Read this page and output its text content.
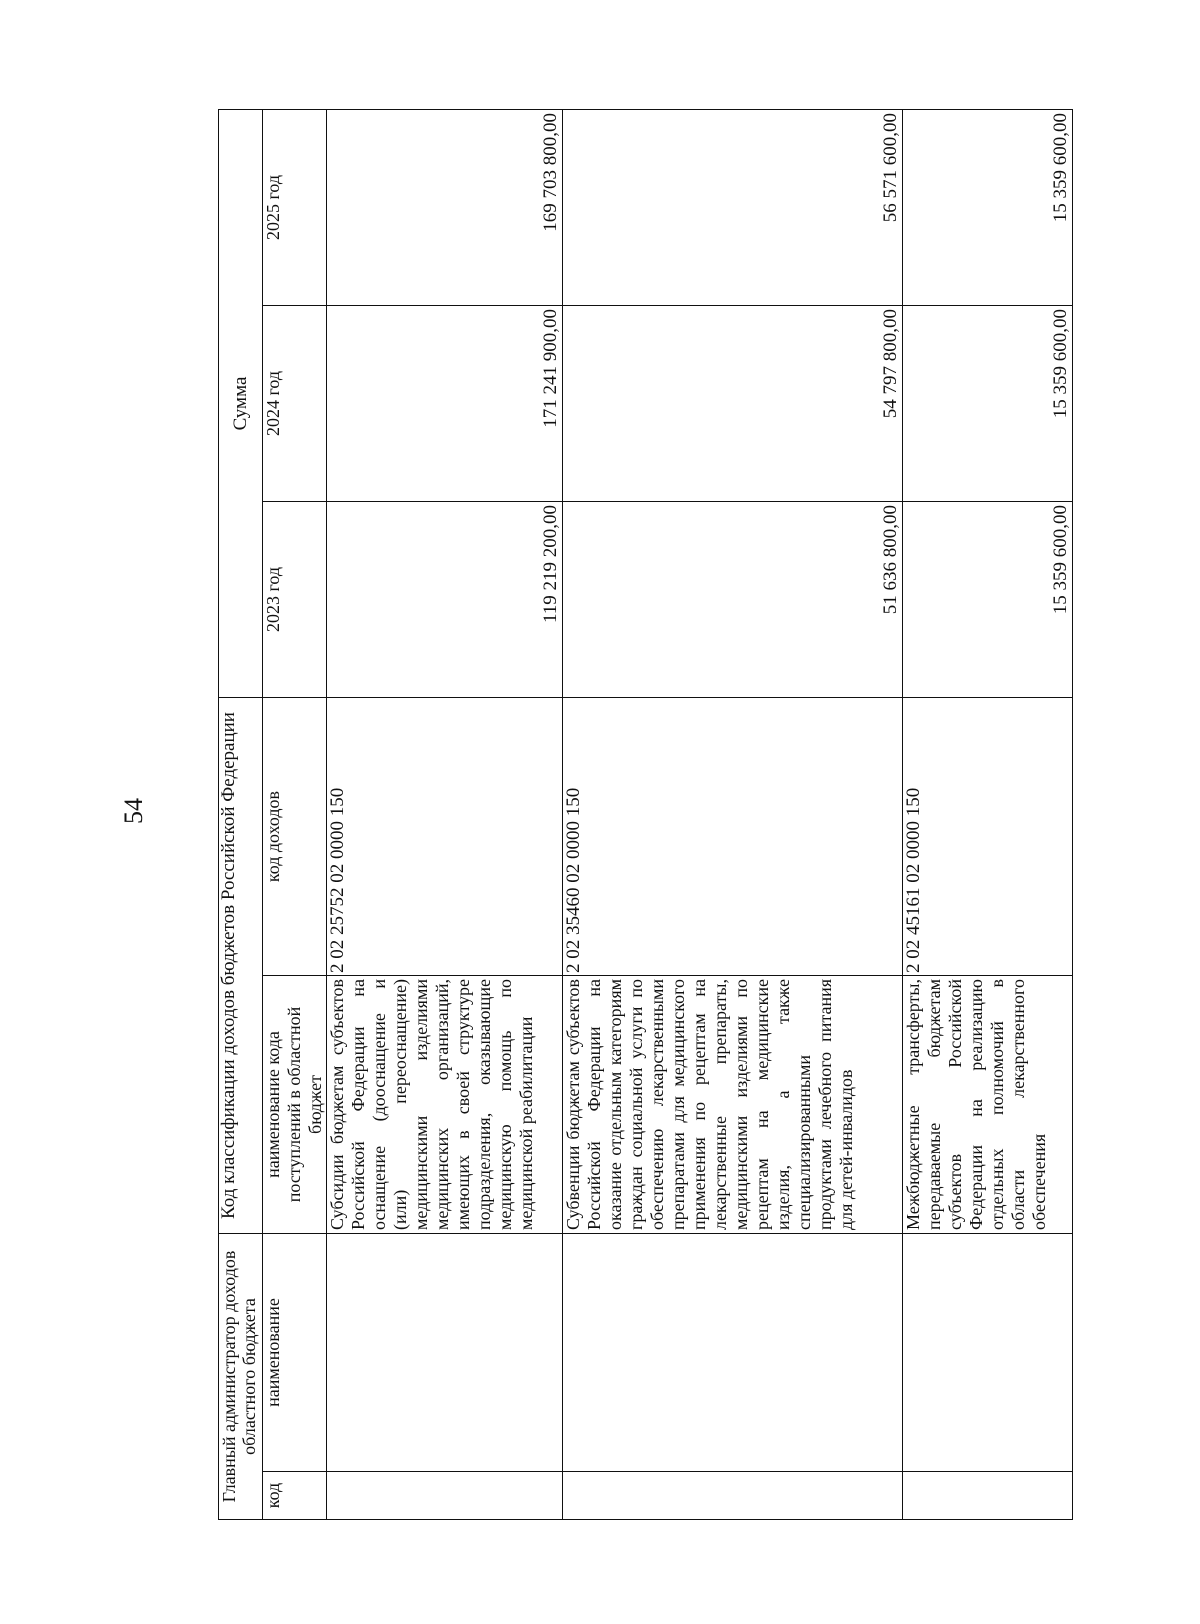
54
Главный администратор доходов областного бюджета		Код классификации доходов бюджетов Российской Федерации		Сумма		
код	наименование	наименование кода поступлений в областной бюджет	код доходов	2023 год	2024 год	2025 год
		Субсидии бюджетам субъектов Российской Федерации на оснащение (дооснащение и (или) переоснащение) медицинскими изделиями медицинских организаций, имеющих в своей структуре подразделения, оказывающие медицинскую помощь по медицинской реабилитации	2 02 25752 02 0000 150	119 219 200,00	171 241 900,00	169 703 800,00
		Субвенции бюджетам субъектов Российской Федерации на оказание отдельным категориям граждан социальной услуги по обеспечению лекарственными препаратами для медицинского применения по рецептам на лекарственные препараты, медицинскими изделиями по рецептам на медицинские изделия, а также специализированными продуктами лечебного питания для детей-инвалидов	2 02 35460 02 0000 150	51 636 800,00	54 797 800,00	56 571 600,00
		Межбюджетные трансферты, передаваемые бюджетам субъектов Российской Федерации на реализацию отдельных полномочий в области лекарственного обеспечения	2 02 45161 02 0000 150	15 359 600,00	15 359 600,00	15 359 600,00
